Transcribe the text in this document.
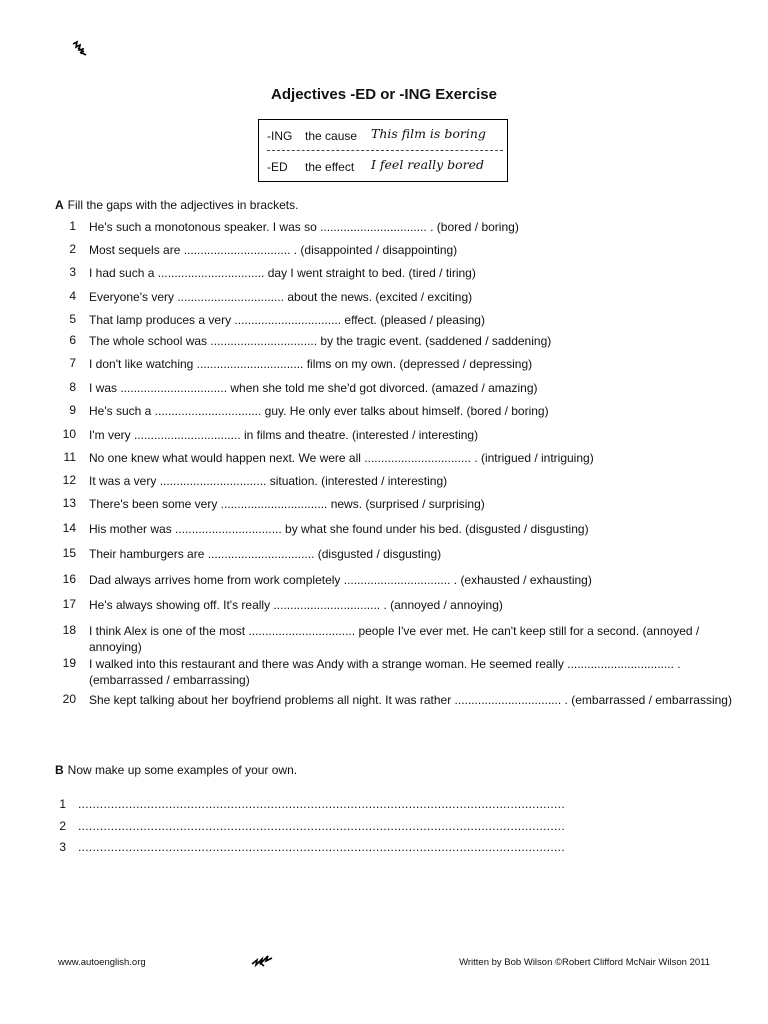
Adjectives -ED or -ING Exercise
-ING the cause This film is boring
-ED the effect I feel really bored
A Fill the gaps with the adjectives in brackets.
1 He's such a monotonous speaker. I was so ................................ . (bored / boring)
2 Most sequels are ................................ . (disappointed / disappointing)
3 I had such a ................................ day I went straight to bed. (tired / tiring)
4 Everyone's very ................................ about the news. (excited / exciting)
5 That lamp produces a very ................................ effect. (pleased / pleasing)
6 The whole school was ................................ by the tragic event. (saddened / saddening)
7 I don't like watching ................................ films on my own. (depressed / depressing)
8 I was ................................ when she told me she'd got divorced. (amazed / amazing)
9 He's such a ................................ guy. He only ever talks about himself. (bored / boring)
10 I'm very ................................ in films and theatre. (interested / interesting)
11 No one knew what would happen next. We were all ................................ . (intrigued / intriguing)
12 It was a very ................................ situation. (interested / interesting)
13 There's been some very ................................ news. (surprised / surprising)
14 His mother was ................................ by what she found under his bed. (disgusted / disgusting)
15 Their hamburgers are ................................ (disgusted / disgusting)
16 Dad always arrives home from work completely ................................ . (exhausted / exhausting)
17 He's always showing off. It's really ................................ . (annoyed / annoying)
18 I think Alex is one of the most ................................ people I've ever met. He can't keep still for a second. (annoyed / annoying)
19 I walked into this restaurant and there was Andy with a strange woman. He seemed really ................................ . (embarrassed / embarrassing)
20 She kept talking about her boyfriend problems all night. It was rather ................................ . (embarrassed / embarrassing)
B Now make up some examples of your own.
1 ......................................................................................................................................
2 ......................................................................................................................................
3 ......................................................................................................................................
www.autoenglish.org	Written by Bob Wilson ©Robert Clifford McNair Wilson 2011
